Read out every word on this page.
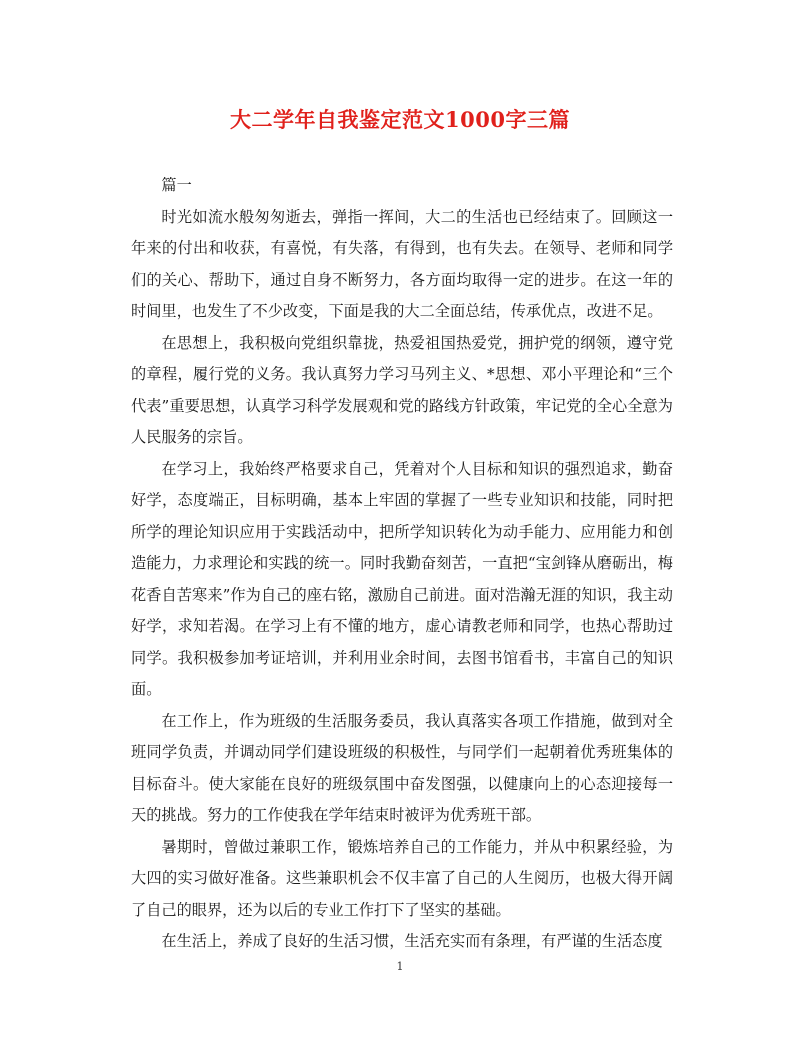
大二学年自我鉴定范文1000字三篇

篇一

时光如流水般匆匆逝去，弹指一挥间，大二的生活也已经结束了。回顾这一年来的付出和收获，有喜悦，有失落，有得到，也有失去。在领导、老师和同学们的关心、帮助下，通过自身不断努力，各方面均取得一定的进步。在这一年的时间里，也发生了不少改变，下面是我的大二全面总结，传承优点，改进不足。

在思想上，我积极向党组织靠拢，热爱祖国热爱党，拥护党的纲领，遵守党的章程，履行党的义务。我认真努力学习马列主义、*思想、邓小平理论和“三个代表”重要思想，认真学习科学发展观和党的路线方针政策，牢记党的全心全意为人民服务的宗旨。

在学习上，我始终严格要求自己，凭着对个人目标和知识的强烈追求，勤奋好学，态度端正，目标明确，基本上牢固的掌握了一些专业知识和技能，同时把所学的理论知识应用于实践活动中，把所学知识转化为动手能力、应用能力和创造能力，力求理论和实践的统一。同时我勤奋刻苦，一直把“宝剑锋从磨砺出，梅花香自苦寒来”作为自己的座右铭，激励自己前进。面对浩瀚无涯的知识，我主动好学，求知若渴。在学习上有不懂的地方，虚心请教老师和同学，也热心帮助过同学。我积极参加考证培训，并利用业余时间，去图书馆看书，丰富自己的知识面。

在工作上，作为班级的生活服务委员，我认真落实各项工作措施，做到对全班同学负责，并调动同学们建设班级的积极性，与同学们一起朝着优秀班集体的目标奋斗。使大家能在良好的班级氛围中奋发图强，以健康向上的心态迎接每一天的挑战。努力的工作使我在学年结束时被评为优秀班干部。

暑期时，曾做过兼职工作，锻炼培养自己的工作能力，并从中积累经验，为大四的实习做好准备。这些兼职机会不仅丰富了自己的人生阅历，也极大得开阔了自己的眼界，还为以后的专业工作打下了坚实的基础。

在生活上，养成了良好的生活习惯，生活充实而有条理，有严谨的生活态度

1
